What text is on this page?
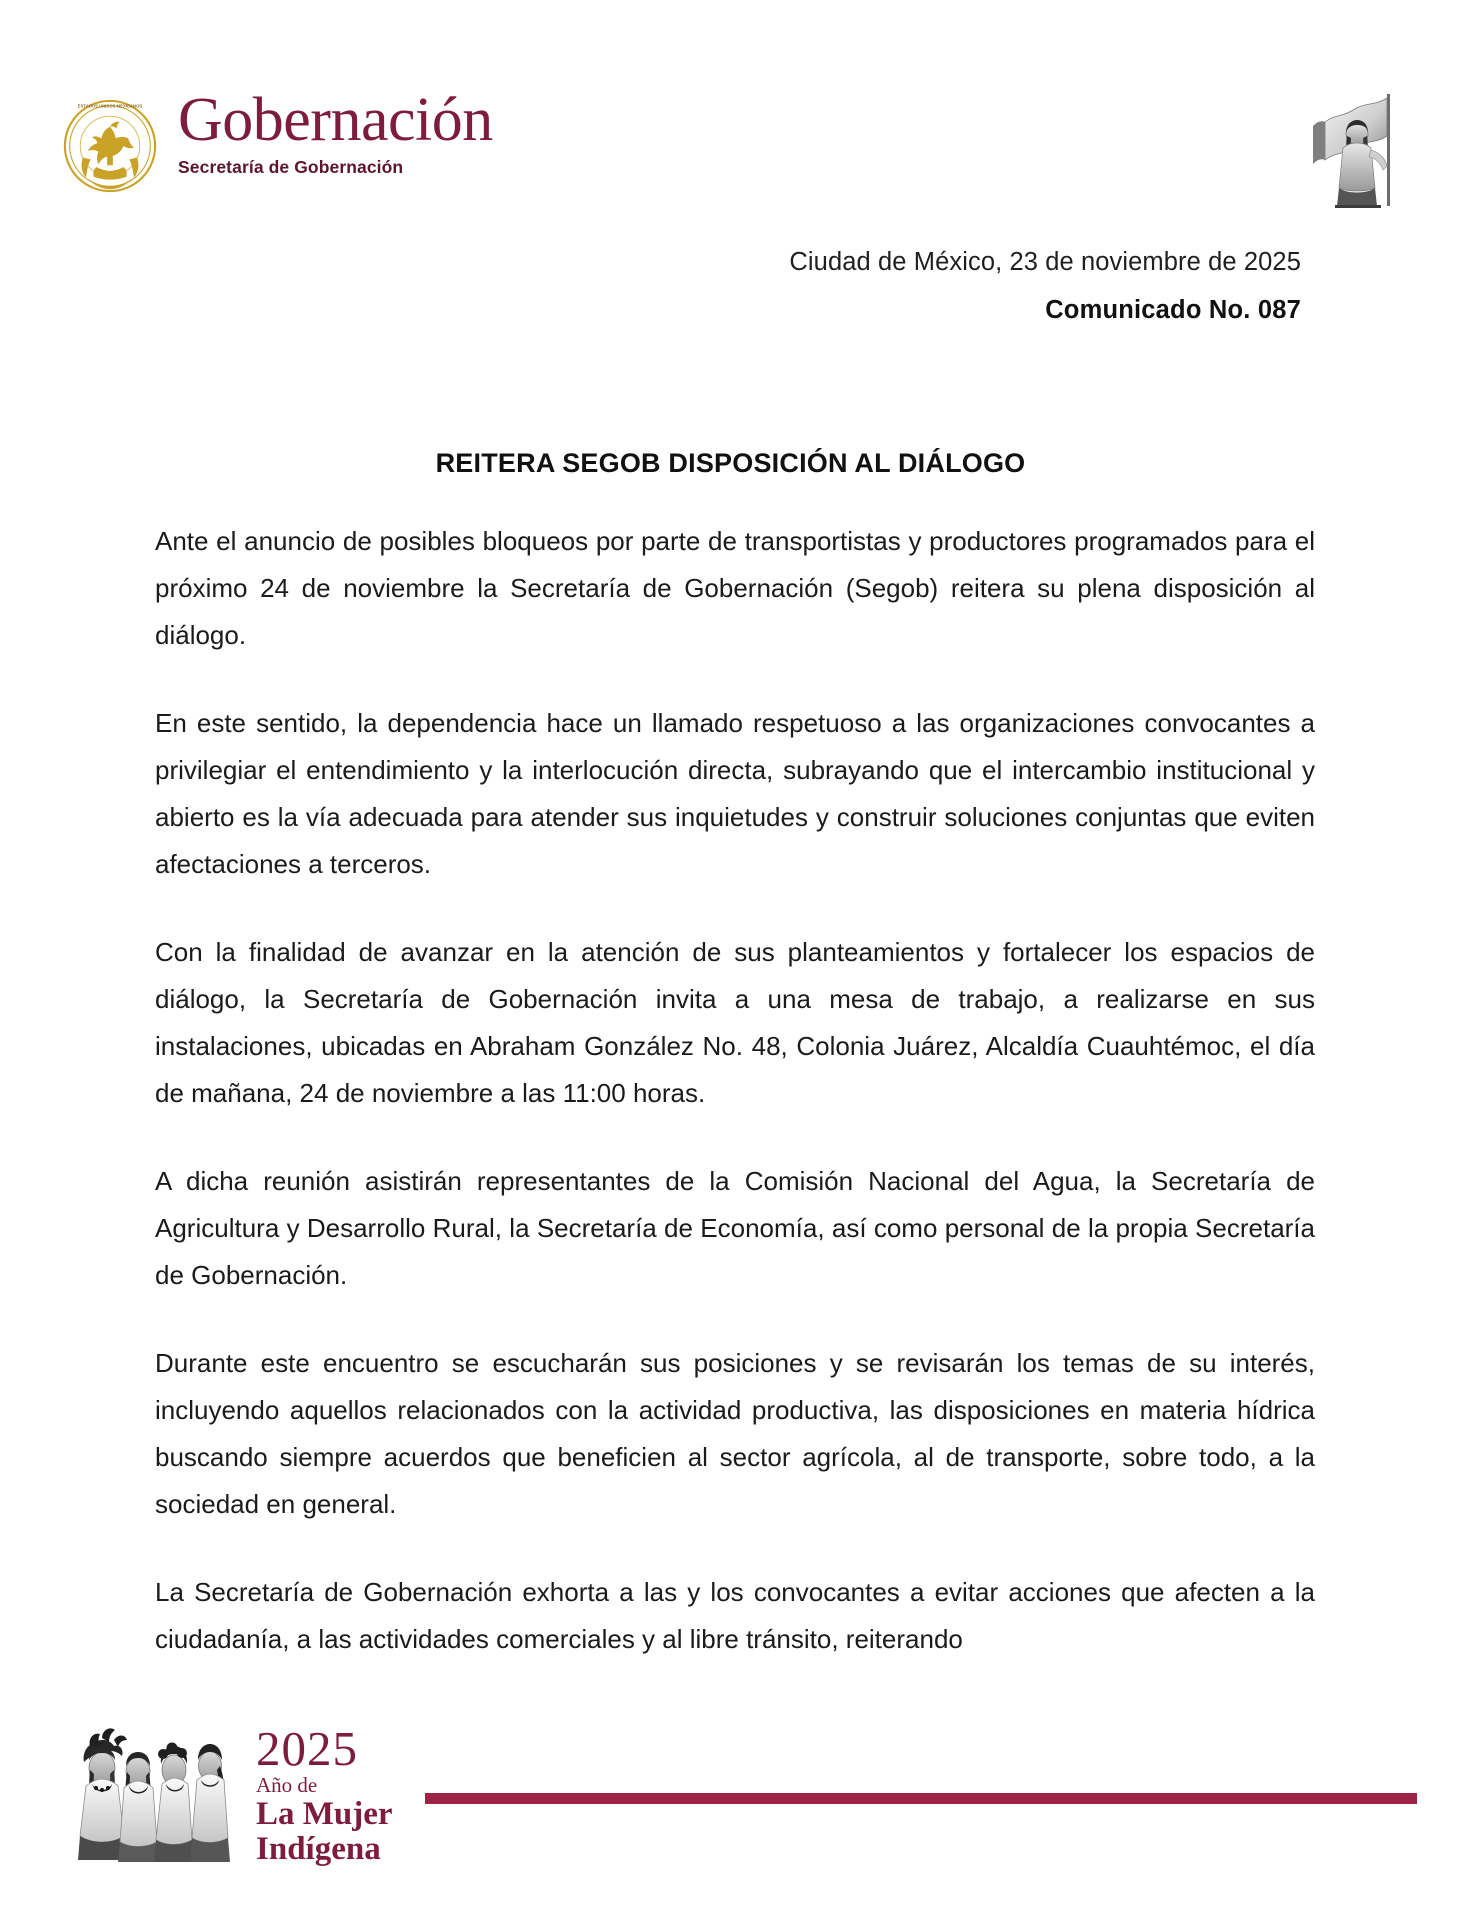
ESTADOS UNIDOS MEXICANOS Gobernación
Secretaría de Gobernación
Ciudad de México, 23 de noviembre de 2025
Comunicado No. 087
REITERA SEGOB DISPOSICIÓN AL DIÁLOGO

Ante el anuncio de posibles bloqueos por parte de transportistas y productores programados para el próximo 24 de noviembre la Secretaría de Gobernación (Segob) reitera su plena disposición al diálogo.

En este sentido, la dependencia hace un llamado respetuoso a las organizaciones convocantes a privilegiar el entendimiento y la interlocución directa, subrayando que el intercambio institucional y abierto es la vía adecuada para atender sus inquietudes y construir soluciones conjuntas que eviten afectaciones a terceros.

Con la finalidad de avanzar en la atención de sus planteamientos y fortalecer los espacios de diálogo, la Secretaría de Gobernación invita a una mesa de trabajo, a realizarse en sus instalaciones, ubicadas en Abraham González No. 48, Colonia Juárez, Alcaldía Cuauhtémoc, el día de mañana, 24 de noviembre a las 11:00 horas.

A dicha reunión asistirán representantes de la Comisión Nacional del Agua, la Secretaría de Agricultura y Desarrollo Rural, la Secretaría de Economía, así como personal de la propia Secretaría de Gobernación.

Durante este encuentro se escucharán sus posiciones y se revisarán los temas de su interés, incluyendo aquellos relacionados con la actividad productiva, las disposiciones en materia hídrica buscando siempre acuerdos que beneficien al sector agrícola, al de transporte, sobre todo, a la sociedad en general.

La Secretaría de Gobernación exhorta a las y los convocantes a evitar acciones que afecten a la ciudadanía, a las actividades comerciales y al libre tránsito, reiterando

2025
Año de
La Mujer
Indígena
